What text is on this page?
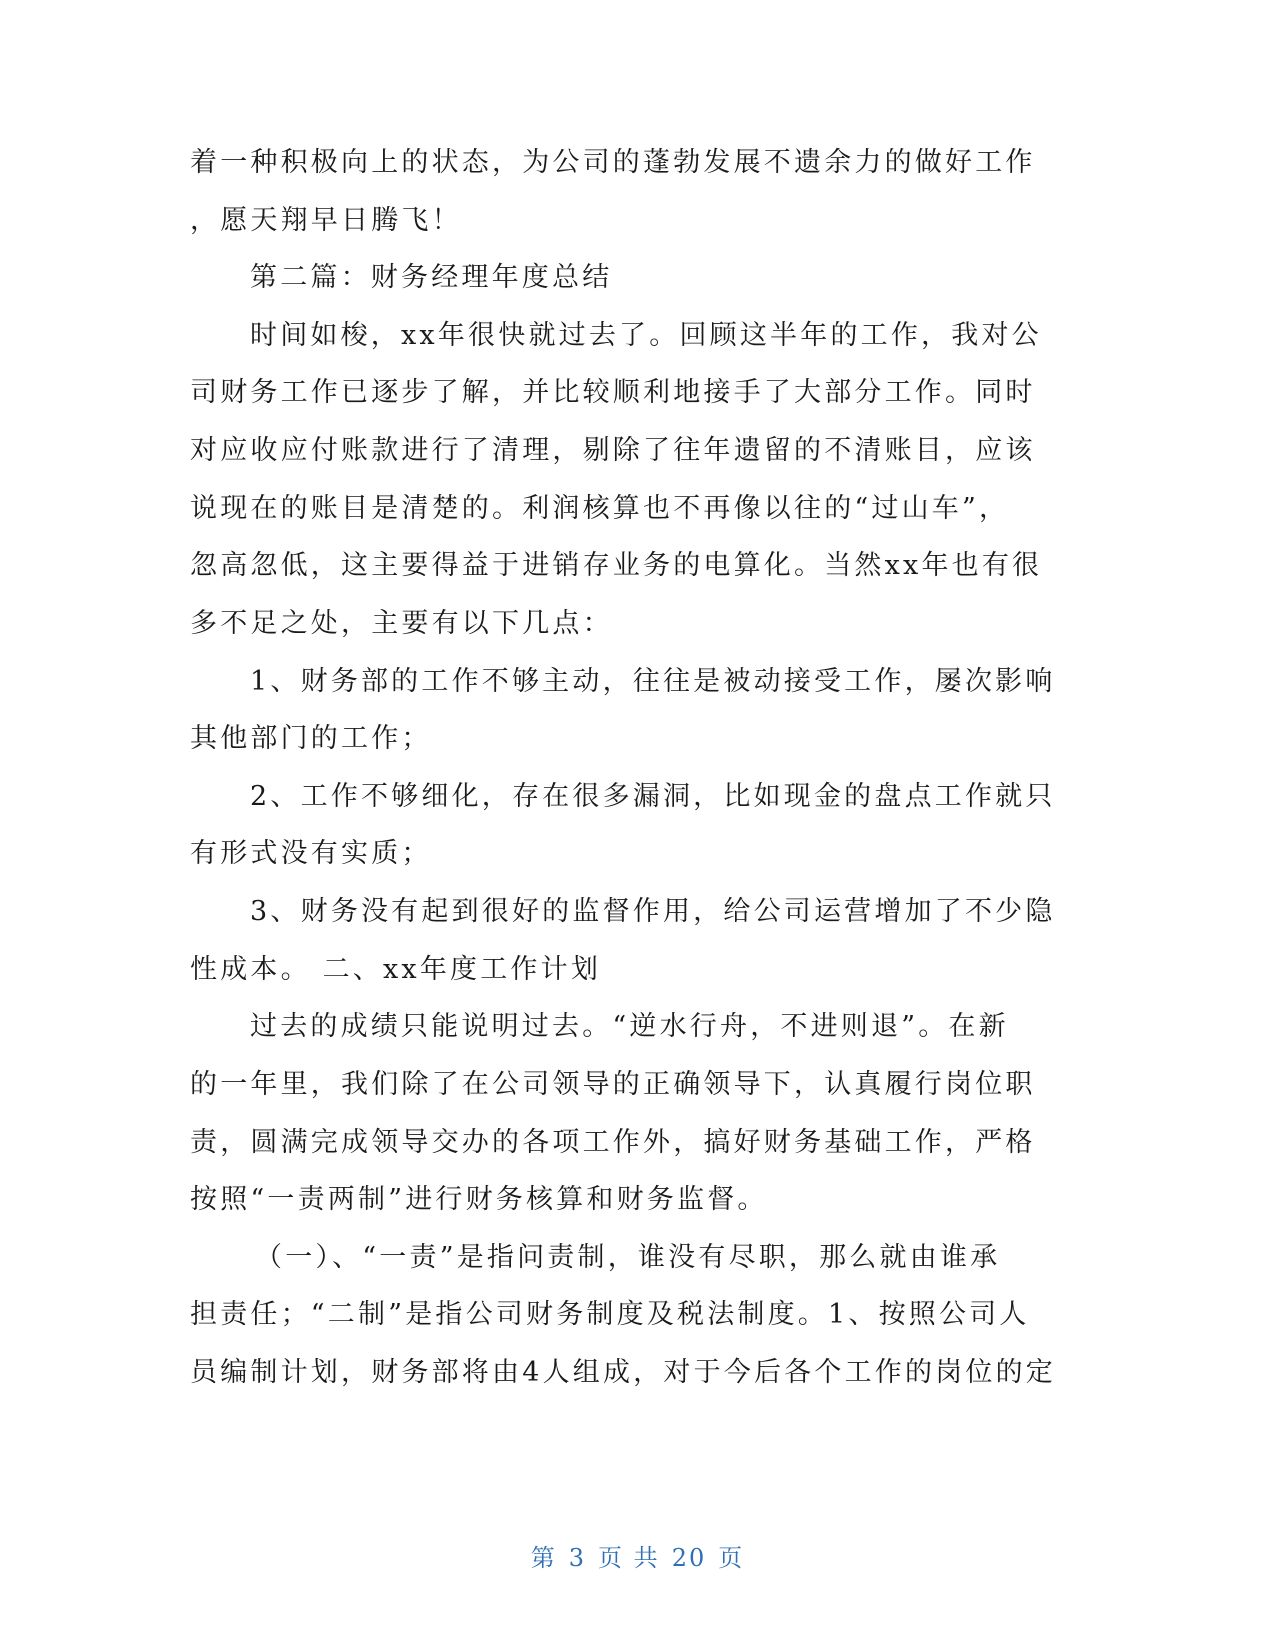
着一种积极向上的状态，为公司的蓬勃发展不遗余力的做好工作
，愿天翔早日腾飞！
第二篇：财务经理年度总结
时间如梭，xx年很快就过去了。回顾这半年的工作，我对公
司财务工作已逐步了解，并比较顺利地接手了大部分工作。同时
对应收应付账款进行了清理，剔除了往年遗留的不清账目，应该
说现在的账目是清楚的。利润核算也不再像以往的“过山车”，
忽高忽低，这主要得益于进销存业务的电算化。当然xx年也有很
多不足之处，主要有以下几点：
1、财务部的工作不够主动，往往是被动接受工作，屡次影响
其他部门的工作；
2、工作不够细化，存在很多漏洞，比如现金的盘点工作就只
有形式没有实质；
3、财务没有起到很好的监督作用，给公司运营增加了不少隐
性成本。 二、xx年度工作计划
过去的成绩只能说明过去。“逆水行舟，不进则退”。在新
的一年里，我们除了在公司领导的正确领导下，认真履行岗位职
责，圆满完成领导交办的各项工作外，搞好财务基础工作，严格
按照“一责两制”进行财务核算和财务监督。
（一）、“一责”是指问责制，谁没有尽职，那么就由谁承
担责任；“二制”是指公司财务制度及税法制度。1、按照公司人
员编制计划，财务部将由4人组成，对于今后各个工作的岗位的定
第 3 页 共 20 页
